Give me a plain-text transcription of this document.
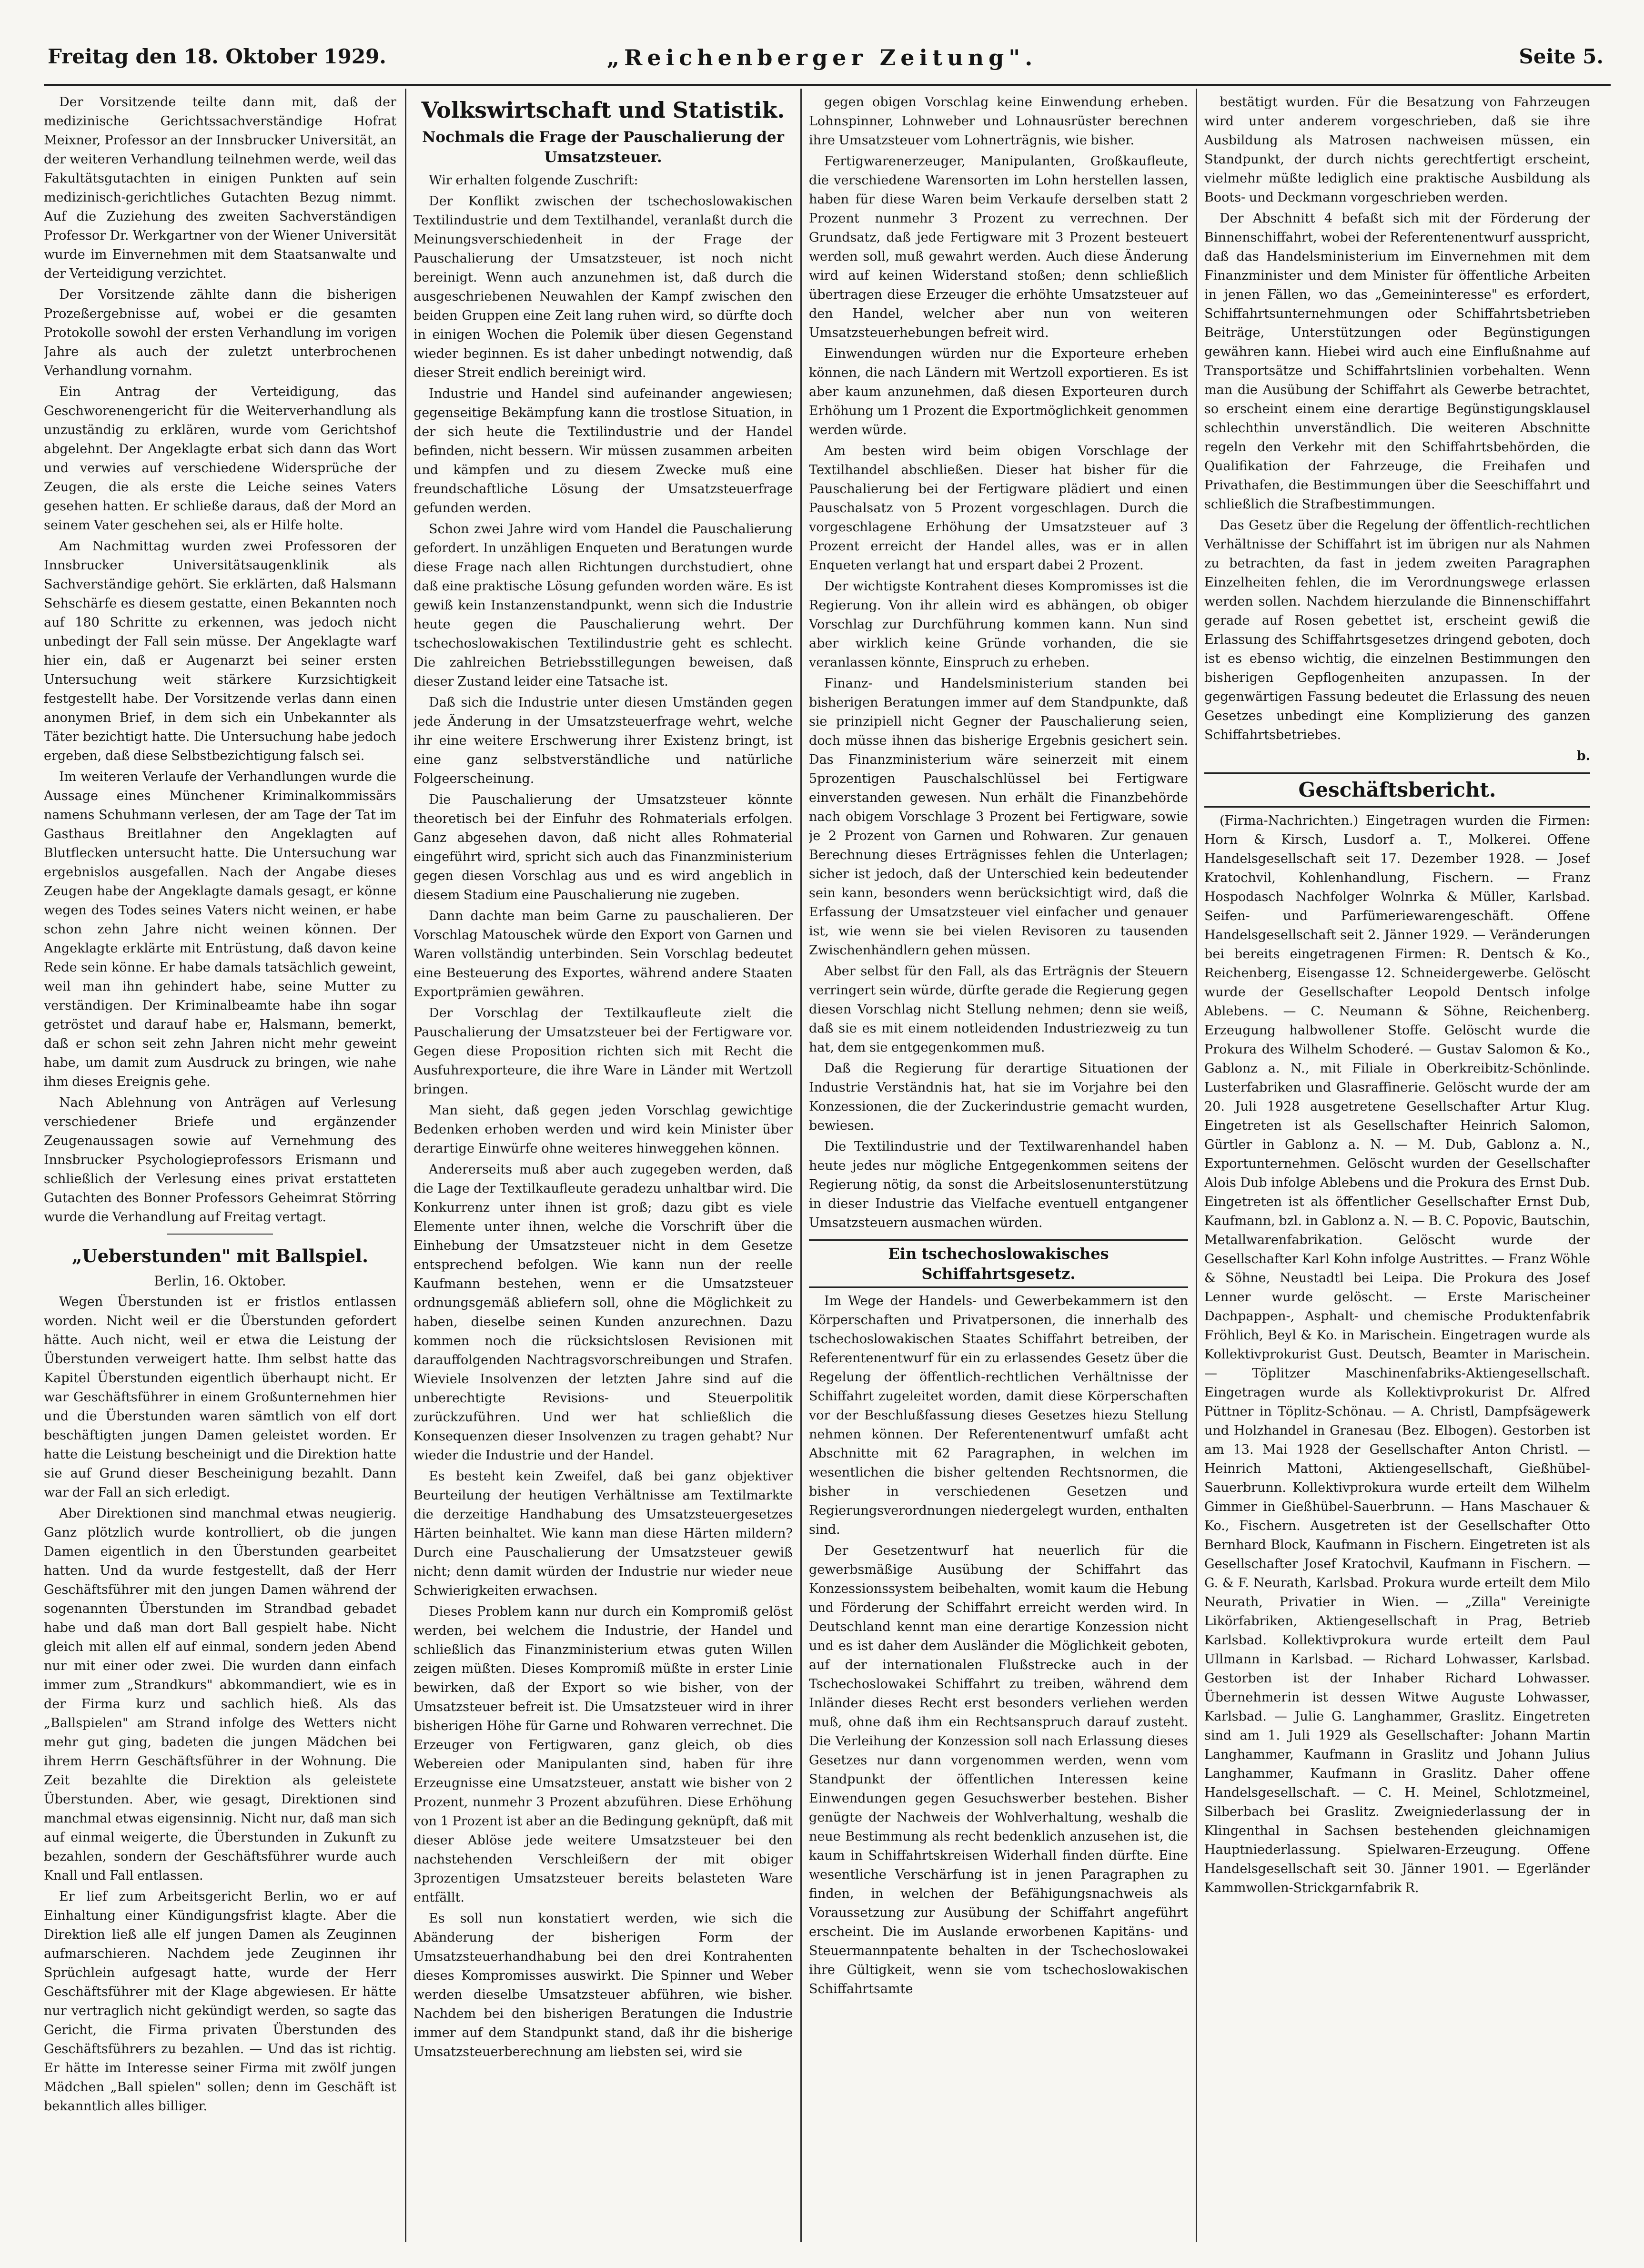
Freitag den 18. Oktober 1929.	„Reichenberger Zeitung".	Seite 5.

Der Vorsitzende teilte dann mit, daß der medizinische Gerichtssachverständige Hofrat Meixner, Professor an der Innsbrucker Universität, an der weiteren Verhandlung teilnehmen werde, weil das Fakultätsgutachten in einigen Punkten auf sein medizinisch-gerichtliches Gutachten Bezug nimmt. Auf die Zuziehung des zweiten Sachverständigen Professor Dr. Werkgartner von der Wiener Universität wurde im Einvernehmen mit dem Staatsanwalte und der Verteidigung verzichtet.

Der Vorsitzende zählte dann die bisherigen Prozeßergebnisse auf, wobei er die gesamten Protokolle sowohl der ersten Verhandlung im vorigen Jahre als auch der zuletzt unterbrochenen Verhandlung vornahm.

Ein Antrag der Verteidigung, das Geschworenengericht für die Weiterverhandlung als unzuständig zu erklären, wurde vom Gerichtshof abgelehnt. Der Angeklagte erbat sich dann das Wort und verwies auf verschiedene Widersprüche der Zeugen, die als erste die Leiche seines Vaters gesehen hatten. Er schließe daraus, daß der Mord an seinem Vater geschehen sei, als er Hilfe holte.

Am Nachmittag wurden zwei Professoren der Innsbrucker Universitätsaugenklinik als Sachverständige gehört. Sie erklärten, daß Halsmann Sehschärfe es diesem gestatte, einen Bekannten noch auf 180 Schritte zu erkennen, was jedoch nicht unbedingt der Fall sein müsse. Der Angeklagte warf hier ein, daß er Augenarzt bei seiner ersten Untersuchung weit stärkere Kurzsichtigkeit festgestellt habe. Der Vorsitzende verlas dann einen anonymen Brief, in dem sich ein Unbekannter als Täter bezichtigt hatte. Die Untersuchung habe jedoch ergeben, daß diese Selbstbezichtigung falsch sei.

Im weiteren Verlaufe der Verhandlungen wurde die Aussage eines Münchener Kriminalkommissärs namens Schuhmann verlesen, der am Tage der Tat im Gasthaus Breitlahner den Angeklagten auf Blutflecken untersucht hatte. Die Untersuchung war ergebnislos ausgefallen. Nach der Angabe dieses Zeugen habe der Angeklagte damals gesagt, er könne wegen des Todes seines Vaters nicht weinen, er habe schon zehn Jahre nicht weinen können. Der Angeklagte erklärte mit Entrüstung, daß davon keine Rede sein könne. Er habe damals tatsächlich geweint, weil man ihn gehindert habe, seine Mutter zu verständigen. Der Kriminalbeamte habe ihn sogar getröstet und darauf habe er, Halsmann, bemerkt, daß er schon seit zehn Jahren nicht mehr geweint habe, um damit zum Ausdruck zu bringen, wie nahe ihm dieses Ereignis gehe.

Nach Ablehnung von Anträgen auf Verlesung verschiedener Briefe und ergänzender Zeugenaussagen sowie auf Vernehmung des Innsbrucker Psychologieprofessors Erismann und schließlich der Verlesung eines privat erstatteten Gutachten des Bonner Professors Geheimrat Störring wurde die Verhandlung auf Freitag vertagt.

„Ueberstunden" mit Ballspiel.

Berlin, 16. Oktober.

Wegen Überstunden ist er fristlos entlassen worden. Nicht weil er die Überstunden gefordert hätte. Auch nicht, weil er etwa die Leistung der Überstunden verweigert hatte. Ihm selbst hatte das Kapitel Überstunden eigentlich überhaupt nicht. Er war Geschäftsführer in einem Großunternehmen hier und die Überstunden waren sämtlich von elf dort beschäftigten jungen Damen geleistet worden. Er hatte die Leistung bescheinigt und die Direktion hatte sie auf Grund dieser Bescheinigung bezahlt. Dann war der Fall an sich erledigt.

Aber Direktionen sind manchmal etwas neugierig. Ganz plötzlich wurde kontrolliert, ob die jungen Damen eigentlich in den Überstunden gearbeitet hatten. Und da wurde festgestellt, daß der Herr Geschäftsführer mit den jungen Damen während der sogenannten Überstunden im Strandbad gebadet habe und daß man dort Ball gespielt habe. Nicht gleich mit allen elf auf einmal, sondern jeden Abend nur mit einer oder zwei. Die wurden dann einfach immer zum „Strandkurs" abkommandiert, wie es in der Firma kurz und sachlich hieß. Als das „Ballspielen" am Strand infolge des Wetters nicht mehr gut ging, badeten die jungen Mädchen bei ihrem Herrn Geschäftsführer in der Wohnung. Die Zeit bezahlte die Direktion als geleistete Überstunden. Aber, wie gesagt, Direktionen sind manchmal etwas eigensinnig. Nicht nur, daß man sich auf einmal weigerte, die Überstunden in Zukunft zu bezahlen, sondern der Geschäftsführer wurde auch Knall und Fall entlassen.

Er lief zum Arbeitsgericht Berlin, wo er auf Einhaltung einer Kündigungsfrist klagte. Aber die Direktion ließ alle elf jungen Damen als Zeuginnen aufmarschieren. Nachdem jede Zeuginnen ihr Sprüchlein aufgesagt hatte, wurde der Herr Geschäftsführer mit der Klage abgewiesen. Er hätte nur vertraglich nicht gekündigt werden, so sagte das Gericht, die Firma privaten Überstunden des Geschäftsführers zu bezahlen. — Und das ist richtig. Er hätte im Interesse seiner Firma mit zwölf jungen Mädchen „Ball spielen" sollen; denn im Geschäft ist bekanntlich alles billiger.

Volkswirtschaft und Statistik.
Nochmals die Frage der Pauschalierung der Umsatzsteuer.

Wir erhalten folgende Zuschrift:

Der Konflikt zwischen der tschechoslowakischen Textilindustrie und dem Textilhandel, veranlaßt durch die Meinungsverschiedenheit in der Frage der Pauschalierung der Umsatzsteuer, ist noch nicht bereinigt. Wenn auch anzunehmen ist, daß durch die ausgeschriebenen Neuwahlen der Kampf zwischen den beiden Gruppen eine Zeit lang ruhen wird, so dürfte doch in einigen Wochen die Polemik über diesen Gegenstand wieder beginnen. Es ist daher unbedingt notwendig, daß dieser Streit endlich bereinigt wird.

Industrie und Handel sind aufeinander angewiesen; gegenseitige Bekämpfung kann die trostlose Situation, in der sich heute die Textilindustrie und der Handel befinden, nicht bessern. Wir müssen zusammen arbeiten und kämpfen und zu diesem Zwecke muß eine freundschaftliche Lösung der Umsatzsteuerfrage gefunden werden.

Schon zwei Jahre wird vom Handel die Pauschalierung gefordert. In unzähligen Enqueten und Beratungen wurde diese Frage nach allen Richtungen durchstudiert, ohne daß eine praktische Lösung gefunden worden wäre. Es ist gewiß kein Instanzenstandpunkt, wenn sich die Industrie heute gegen die Pauschalierung wehrt. Der tschechoslowakischen Textilindustrie geht es schlecht. Die zahlreichen Betriebsstillegungen beweisen, daß dieser Zustand leider eine Tatsache ist.

Daß sich die Industrie unter diesen Umständen gegen jede Änderung in der Umsatzsteuerfrage wehrt, welche ihr eine weitere Erschwerung ihrer Existenz bringt, ist eine ganz selbstverständliche und natürliche Folgeerscheinung.

Die Pauschalierung der Umsatzsteuer könnte theoretisch bei der Einfuhr des Rohmaterials erfolgen. Ganz abgesehen davon, daß nicht alles Rohmaterial eingeführt wird, spricht sich auch das Finanzministerium gegen diesen Vorschlag aus und es wird angeblich in diesem Stadium eine Pauschalierung nie zugeben.

Dann dachte man beim Garne zu pauschalieren. Der Vorschlag Matouschek würde den Export von Garnen und Waren vollständig unterbinden. Sein Vorschlag bedeutet eine Besteuerung des Exportes, während andere Staaten Exportprämien gewähren.

Der Vorschlag der Textilkaufleute zielt die Pauschalierung der Umsatzsteuer bei der Fertigware vor. Gegen diese Proposition richten sich mit Recht die Ausfuhrexporteure, die ihre Ware in Länder mit Wertzoll bringen.

Man sieht, daß gegen jeden Vorschlag gewichtige Bedenken erhoben werden und wird kein Minister über derartige Einwürfe ohne weiteres hinweggehen können.

Andererseits muß aber auch zugegeben werden, daß die Lage der Textilkaufleute geradezu unhaltbar wird. Die Konkurrenz unter ihnen ist groß; dazu gibt es viele Elemente unter ihnen, welche die Vorschrift über die Einhebung der Umsatzsteuer nicht in dem Gesetze entsprechend befolgen. Wie kann nun der reelle Kaufmann bestehen, wenn er die Umsatzsteuer ordnungsgemäß abliefern soll, ohne die Möglichkeit zu haben, dieselbe seinen Kunden anzurechnen. Dazu kommen noch die rücksichtslosen Revisionen mit darauffolgenden Nachtragsvorschreibungen und Strafen. Wieviele Insolvenzen der letzten Jahre sind auf die unberechtigte Revisions- und Steuerpolitik zurückzuführen. Und wer hat schließlich die Konsequenzen dieser Insolvenzen zu tragen gehabt? Nur wieder die Industrie und der Handel.

Es besteht kein Zweifel, daß bei ganz objektiver Beurteilung der heutigen Verhältnisse am Textilmarkte die derzeitige Handhabung des Umsatzsteuergesetzes Härten beinhaltet. Wie kann man diese Härten mildern? Durch eine Pauschalierung der Umsatzsteuer gewiß nicht; denn damit würden der Industrie nur wieder neue Schwierigkeiten erwachsen.

Dieses Problem kann nur durch ein Kompromiß gelöst werden, bei welchem die Industrie, der Handel und schließlich das Finanzministerium etwas guten Willen zeigen müßten. Dieses Kompromiß müßte in erster Linie bewirken, daß der Export so wie bisher, von der Umsatzsteuer befreit ist. Die Umsatzsteuer wird in ihrer bisherigen Höhe für Garne und Rohwaren verrechnet. Die Erzeuger von Fertigwaren, ganz gleich, ob dies Webereien oder Manipulanten sind, haben für ihre Erzeugnisse eine Umsatzsteuer, anstatt wie bisher von 2 Prozent, nunmehr 3 Prozent abzuführen. Diese Erhöhung von 1 Prozent ist aber an die Bedingung geknüpft, daß mit dieser Ablöse jede weitere Umsatzsteuer bei den nachstehenden Verschleißern der mit obiger 3prozentigen Umsatzsteuer bereits belasteten Ware entfällt.

Es soll nun konstatiert werden, wie sich die Abänderung der bisherigen Form der Umsatzsteuerhandhabung bei den drei Kontrahenten dieses Kompromisses auswirkt. Die Spinner und Weber werden dieselbe Umsatzsteuer abführen, wie bisher. Nachdem bei den bisherigen Beratungen die Industrie immer auf dem Standpunkt stand, daß ihr die bisherige Umsatzsteuerberechnung am liebsten sei, wird sie

gegen obigen Vorschlag keine Einwendung erheben. Lohnspinner, Lohnweber und Lohnausrüster berechnen ihre Umsatzsteuer vom Lohnerträgnis, wie bisher.

Fertigwarenerzeuger, Manipulanten, Großkaufleute, die verschiedene Warensorten im Lohn herstellen lassen, haben für diese Waren beim Verkaufe derselben statt 2 Prozent nunmehr 3 Prozent zu verrechnen. Der Grundsatz, daß jede Fertigware mit 3 Prozent besteuert werden soll, muß gewahrt werden. Auch diese Änderung wird auf keinen Widerstand stoßen; denn schließlich übertragen diese Erzeuger die erhöhte Umsatzsteuer auf den Handel, welcher aber nun von weiteren Umsatzsteuerhebungen befreit wird.

Einwendungen würden nur die Exporteure erheben können, die nach Ländern mit Wertzoll exportieren. Es ist aber kaum anzunehmen, daß diesen Exporteuren durch Erhöhung um 1 Prozent die Exportmöglichkeit genommen werden würde.

Am besten wird beim obigen Vorschlage der Textilhandel abschließen. Dieser hat bisher für die Pauschalierung bei der Fertigware plädiert und einen Pauschalsatz von 5 Prozent vorgeschlagen. Durch die vorgeschlagene Erhöhung der Umsatzsteuer auf 3 Prozent erreicht der Handel alles, was er in allen Enqueten verlangt hat und erspart dabei 2 Prozent.

Der wichtigste Kontrahent dieses Kompromisses ist die Regierung. Von ihr allein wird es abhängen, ob obiger Vorschlag zur Durchführung kommen kann. Nun sind aber wirklich keine Gründe vorhanden, die sie veranlassen könnte, Einspruch zu erheben.

Finanz- und Handelsministerium standen bei bisherigen Beratungen immer auf dem Standpunkte, daß sie prinzipiell nicht Gegner der Pauschalierung seien, doch müsse ihnen das bisherige Ergebnis gesichert sein. Das Finanzministerium wäre seinerzeit mit einem 5prozentigen Pauschalschlüssel bei Fertigware einverstanden gewesen. Nun erhält die Finanzbehörde nach obigem Vorschlage 3 Prozent bei Fertigware, sowie je 2 Prozent von Garnen und Rohwaren. Zur genauen Berechnung dieses Erträgnisses fehlen die Unterlagen; sicher ist jedoch, daß der Unterschied kein bedeutender sein kann, besonders wenn berücksichtigt wird, daß die Erfassung der Umsatzsteuer viel einfacher und genauer ist, wie wenn sie bei vielen Revisoren zu tausenden Zwischenhändlern gehen müssen.

Aber selbst für den Fall, als das Erträgnis der Steuern verringert sein würde, dürfte gerade die Regierung gegen diesen Vorschlag nicht Stellung nehmen; denn sie weiß, daß sie es mit einem notleidenden Industriezweig zu tun hat, dem sie entgegenkommen muß.

Daß die Regierung für derartige Situationen der Industrie Verständnis hat, hat sie im Vorjahre bei den Konzessionen, die der Zuckerindustrie gemacht wurden, bewiesen.

Die Textilindustrie und der Textilwarenhandel haben heute jedes nur mögliche Entgegenkommen seitens der Regierung nötig, da sonst die Arbeitslosenunterstützung in dieser Industrie das Vielfache eventuell entgangener Umsatzsteuern ausmachen würden.

Ein tschechoslowakisches Schiffahrtsgesetz.

Im Wege der Handels- und Gewerbekammern ist den Körperschaften und Privatpersonen, die innerhalb des tschechoslowakischen Staates Schiffahrt betreiben, der Referentenentwurf für ein zu erlassendes Gesetz über die Regelung der öffentlich-rechtlichen Verhältnisse der Schiffahrt zugeleitet worden, damit diese Körperschaften vor der Beschlußfassung dieses Gesetzes hiezu Stellung nehmen können. Der Referentenentwurf umfaßt acht Abschnitte mit 62 Paragraphen, in welchen im wesentlichen die bisher geltenden Rechtsnormen, die bisher in verschiedenen Gesetzen und Regierungsverordnungen niedergelegt wurden, enthalten sind.

Der Gesetzentwurf hat neuerlich für die gewerbsmäßige Ausübung der Schiffahrt das Konzessionssystem beibehalten, womit kaum die Hebung und Förderung der Schiffahrt erreicht werden wird. In Deutschland kennt man eine derartige Konzession nicht und es ist daher dem Ausländer die Möglichkeit geboten, auf der internationalen Flußstrecke auch in der Tschechoslowakei Schiffahrt zu treiben, während dem Inländer dieses Recht erst besonders verliehen werden muß, ohne daß ihm ein Rechtsanspruch darauf zusteht. Die Verleihung der Konzession soll nach Erlassung dieses Gesetzes nur dann vorgenommen werden, wenn vom Standpunkt der öffentlichen Interessen keine Einwendungen gegen Gesuchswerber bestehen. Bisher genügte der Nachweis der Wohlverhaltung, weshalb die neue Bestimmung als recht bedenklich anzusehen ist, die kaum in Schiffahrtskreisen Widerhall finden dürfte. Eine wesentliche Verschärfung ist in jenen Paragraphen zu finden, in welchen der Befähigungsnachweis als Voraussetzung zur Ausübung der Schiffahrt angeführt erscheint. Die im Auslande erworbenen Kapitäns- und Steuermannpatente behalten in der Tschechoslowakei ihre Gültigkeit, wenn sie vom tschechoslowakischen Schiffahrtsamte

bestätigt wurden. Für die Besatzung von Fahrzeugen wird unter anderem vorgeschrieben, daß sie ihre Ausbildung als Matrosen nachweisen müssen, ein Standpunkt, der durch nichts gerechtfertigt erscheint, vielmehr müßte lediglich eine praktische Ausbildung als Boots- und Deckmann vorgeschrieben werden.

Der Abschnitt 4 befaßt sich mit der Förderung der Binnenschiffahrt, wobei der Referentenentwurf ausspricht, daß das Handelsministerium im Einvernehmen mit dem Finanzminister und dem Minister für öffentliche Arbeiten in jenen Fällen, wo das „Gemeininteresse" es erfordert, Schiffahrtsunternehmungen oder Schiffahrtsbetrieben Beiträge, Unterstützungen oder Begünstigungen gewähren kann. Hiebei wird auch eine Einflußnahme auf Transportsätze und Schiffahrtslinien vorbehalten. Wenn man die Ausübung der Schiffahrt als Gewerbe betrachtet, so erscheint einem eine derartige Begünstigungsklausel schlechthin unverständlich. Die weiteren Abschnitte regeln den Verkehr mit den Schiffahrtsbehörden, die Qualifikation der Fahrzeuge, die Freihafen und Privathafen, die Bestimmungen über die Seeschiffahrt und schließlich die Strafbestimmungen.

Das Gesetz über die Regelung der öffentlich-rechtlichen Verhältnisse der Schiffahrt ist im übrigen nur als Nahmen zu betrachten, da fast in jedem zweiten Paragraphen Einzelheiten fehlen, die im Verordnungswege erlassen werden sollen. Nachdem hierzulande die Binnenschiffahrt gerade auf Rosen gebettet ist, erscheint gewiß die Erlassung des Schiffahrtsgesetzes dringend geboten, doch ist es ebenso wichtig, die einzelnen Bestimmungen den bisherigen Gepflogenheiten anzupassen. In der gegenwärtigen Fassung bedeutet die Erlassung des neuen Gesetzes unbedingt eine Komplizierung des ganzen Schiffahrtsbetriebes.

b.

Geschäftsbericht.

(Firma-Nachrichten.) Eingetragen wurden die Firmen: Horn & Kirsch, Lusdorf a. T., Molkerei. Offene Handelsgesellschaft seit 17. Dezember 1928. — Josef Kratochvil, Kohlenhandlung, Fischern. — Franz Hospodasch Nachfolger Wolnrka & Müller, Karlsbad. Seifen- und Parfümeriewarengeschäft. Offene Handelsgesellschaft seit 2. Jänner 1929. — Veränderungen bei bereits eingetragenen Firmen: R. Dentsch & Ko., Reichenberg, Eisengasse 12. Schneidergewerbe. Gelöscht wurde der Gesellschafter Leopold Dentsch infolge Ablebens. — C. Neumann & Söhne, Reichenberg. Erzeugung halbwollener Stoffe. Gelöscht wurde die Prokura des Wilhelm Schoderé. — Gustav Salomon & Ko., Gablonz a. N., mit Filiale in Oberkreibitz-Schönlinde. Lusterfabriken und Glasraffinerie. Gelöscht wurde der am 20. Juli 1928 ausgetretene Gesellschafter Artur Klug. Eingetreten ist als Gesellschafter Heinrich Salomon, Gürtler in Gablonz a. N. — M. Dub, Gablonz a. N., Exportunternehmen. Gelöscht wurden der Gesellschafter Alois Dub infolge Ablebens und die Prokura des Ernst Dub. Eingetreten ist als öffentlicher Gesellschafter Ernst Dub, Kaufmann, bzl. in Gablonz a. N. — B. C. Popovic, Bautschin, Metallwarenfabrikation. Gelöscht wurde der Gesellschafter Karl Kohn infolge Austrittes. — Franz Wöhle & Söhne, Neustadtl bei Leipa. Die Prokura des Josef Lenner wurde gelöscht. — Erste Marischeiner Dachpappen-, Asphalt- und chemische Produktenfabrik Fröhlich, Beyl & Ko. in Marischein. Eingetragen wurde als Kollektivprokurist Gust. Deutsch, Beamter in Marischein. — Töplitzer Maschinenfabriks-Aktiengesellschaft. Eingetragen wurde als Kollektivprokurist Dr. Alfred Püttner in Töplitz-Schönau. — A. Christl, Dampfsägewerk und Holzhandel in Granesau (Bez. Elbogen). Gestorben ist am 13. Mai 1928 der Gesellschafter Anton Christl. — Heinrich Mattoni, Aktiengesellschaft, Gießhübel-Sauerbrunn. Kollektivprokura wurde erteilt dem Wilhelm Gimmer in Gießhübel-Sauerbrunn. — Hans Maschauer & Ko., Fischern. Ausgetreten ist der Gesellschafter Otto Bernhard Block, Kaufmann in Fischern. Eingetreten ist als Gesellschafter Josef Kratochvil, Kaufmann in Fischern. — G. & F. Neurath, Karlsbad. Prokura wurde erteilt dem Milo Neurath, Privatier in Wien. — „Zilla" Vereinigte Likörfabriken, Aktiengesellschaft in Prag, Betrieb Karlsbad. Kollektivprokura wurde erteilt dem Paul Ullmann in Karlsbad. — Richard Lohwasser, Karlsbad. Gestorben ist der Inhaber Richard Lohwasser. Übernehmerin ist dessen Witwe Auguste Lohwasser, Karlsbad. — Julie G. Langhammer, Graslitz. Eingetreten sind am 1. Juli 1929 als Gesellschafter: Johann Martin Langhammer, Kaufmann in Graslitz und Johann Julius Langhammer, Kaufmann in Graslitz. Daher offene Handelsgesellschaft. — C. H. Meinel, Schlotzmeinel, Silberbach bei Graslitz. Zweigniederlassung der in Klingenthal in Sachsen bestehenden gleichnamigen Hauptniederlassung. Spielwaren-Erzeugung. Offene Handelsgesellschaft seit 30. Jänner 1901. — Egerländer Kammwollen-Strickgarnfabrik R.
